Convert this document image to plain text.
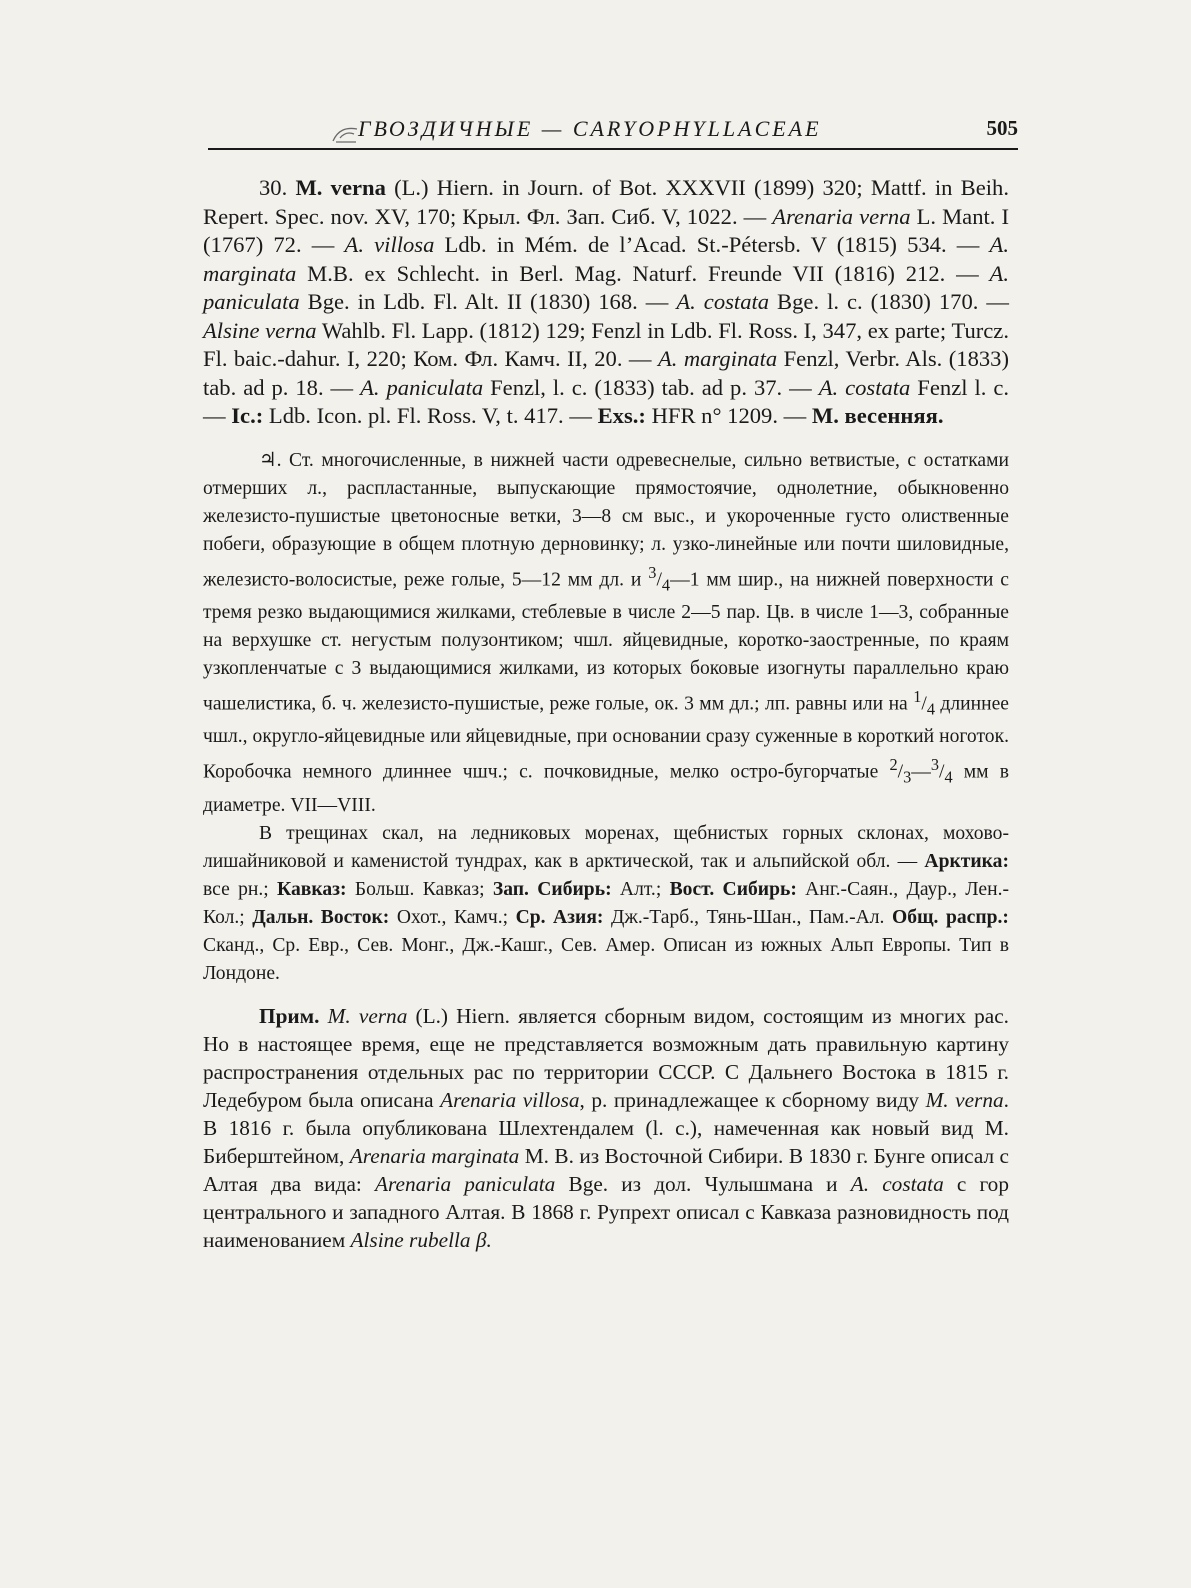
ГВОЗДИЧНЫЕ — CARYOPHYLLACEAE	505

30. M. verna (L.) Hiern. in Journ. of Bot. XXXVII (1899) 320; Mattf. in Beih. Repert. Spec. nov. XV, 170; Крыл. Фл. Зап. Сиб. V, 1022. — Arenaria verna L. Mant. I (1767) 72. — A. villosa Ldb. in Mém. de l’Acad. St.-Pétersb. V (1815) 534. — A. marginata M.B. ex Schlecht. in Berl. Mag. Naturf. Freunde VII (1816) 212. — A. paniculata Bge. in Ldb. Fl. Alt. II (1830) 168. — A. costata Bge. l. c. (1830) 170. — Alsine verna Wahlb. Fl. Lapp. (1812) 129; Fenzl in Ldb. Fl. Ross. I, 347, ex parte; Turcz. Fl. baic.-dahur. I, 220; Ком. Фл. Камч. II, 20. — A. marginata Fenzl, Verbr. Als. (1833) tab. ad p. 18. — A. paniculata Fenzl, l. c. (1833) tab. ad p. 37. — A. costata Fenzl l. c. — Ic.: Ldb. Icon. pl. Fl. Ross. V, t. 417. — Exs.: HFR n° 1209. — М. весенняя.

♃. Ст. многочисленные, в нижней части одревеснелые, сильно ветвистые, с остатками отмерших л., распластанные, выпускающие прямостоячие, однолетние, обыкновенно железисто-пушистые цветоносные ветки, 3—8 см выс., и укороченные густо олиственные побеги, образующие в общем плотную дерновинку; л. узко-линейные или почти шиловидные, железисто-волосистые, реже голые, 5—12 мм дл. и $^3/_4—1$ мм шир., на нижней поверхности с тремя резко выдающимися жилками, стеблевые в числе 2—5 пар. Цв. в числе 1—3, собранные на верхушке ст. негустым полузонтиком; чшл. яйцевидные, коротко-заостренные, по краям узкопленчатые с 3 выдающимися жилками, из которых боковые изогнуты параллельно краю чашелистика, б. ч. железисто-пушистые, реже голые, ок. 3 мм дл.; лп. равны или на $^1/_4$ длиннее чшл., округло-яйцевидные или яйцевидные, при основании сразу суженные в короткий ноготок. Коробочка немного длиннее чшч.; с. почковидные, мелко остро-бугорчатые $^2/_3—^3/_4$ мм в диаметре. VII—VIII.

В трещинах скал, на ледниковых моренах, щебнистых горных склонах, мохово-лишайниковой и каменистой тундрах, как в арктической, так и альпийской обл. — Арктика: все рн.; Кавказ: Больш. Кавказ; Зап. Сибирь: Алт.; Вост. Сибирь: Анг.-Саян., Даур., Лен.-Кол.; Дальн. Восток: Охот., Камч.; Ср. Азия: Дж.-Тарб., Тянь-Шан., Пам.-Ал. Общ. распр.: Сканд., Ср. Евр., Сев. Монг., Дж.-Кашг., Сев. Амер. Описан из южных Альп Европы. Тип в Лондоне.

Прим. M. verna (L.) Hiern. является сборным видом, состоящим из многих рас. Но в настоящее время, еще не представляется возможным дать правильную картину распространения отдельных рас по территории СССР. С Дальнего Востока в 1815 г. Ледебуром была описана Arenaria villosa, р. принадлежащее к сборному виду M. verna. В 1816 г. была опубликована Шлехтендалем (l. c.), намеченная как новый вид М. Биберштейном, Arenaria marginata M. B. из Восточной Сибири. В 1830 г. Бунге описал с Алтая два вида: Arenaria paniculata Bge. из дол. Чулышмана и A. costata с гор центрального и западного Алтая. В 1868 г. Рупрехт описал с Кавказа разновидность под наименованием Alsine rubella β.
